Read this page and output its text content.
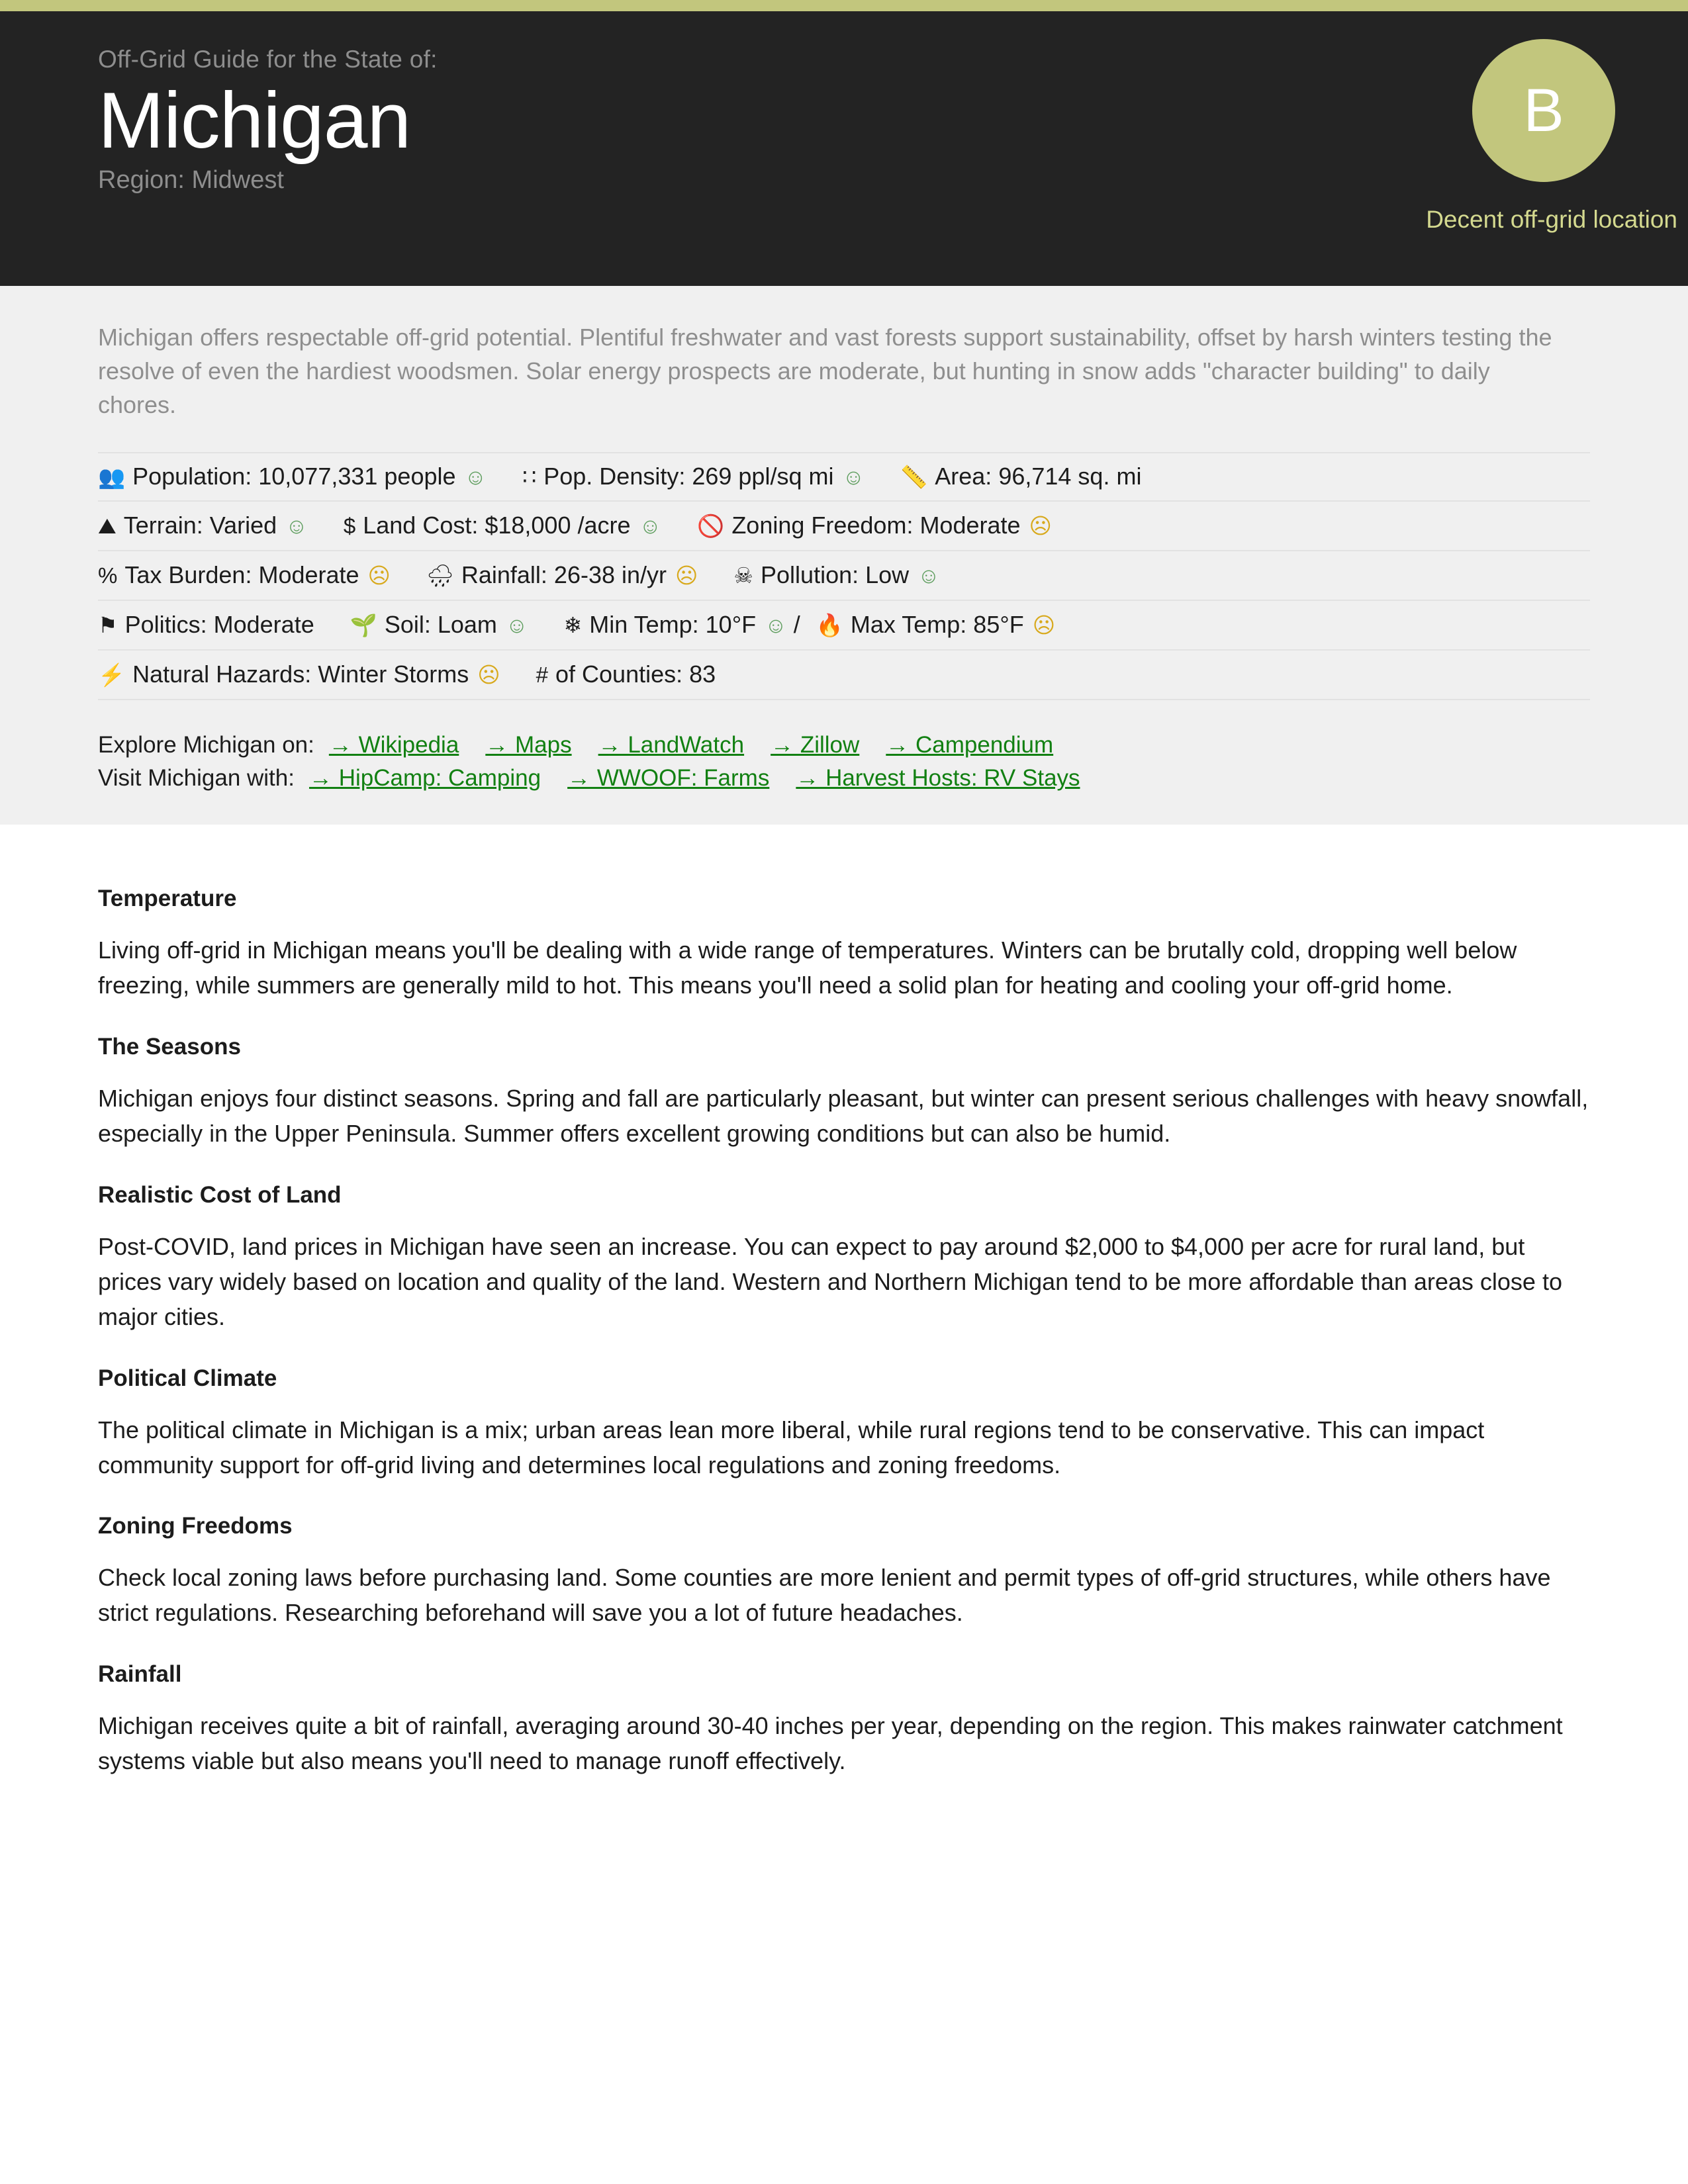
Off-Grid Guide for the State of:
Michigan
Region: Midwest
B
Decent off-grid location

Michigan offers respectable off-grid potential. Plentiful freshwater and vast forests support sustainability, offset by harsh winters testing the resolve of even the hardiest woodsmen. Solar energy prospects are moderate, but hunting in snow adds "character building" to daily chores.

👥 Population: 10,077,331 people ☺ ∷ Pop. Density: 269 ppl/sq mi ☺ 📏 Area: 96,714 sq. mi
⛰ Terrain: Varied ☺ $ Land Cost: $18,000 /acre ☺ 🚫 Zoning Freedom: Moderate ☹
% Tax Burden: Moderate ☹ 🌧 Rainfall: 26-38 in/yr ☹ ☠ Pollution: Low ☺
⚑ Politics: Moderate 🌱 Soil: Loam ☺ ❄ Min Temp: 10°F ☺ / 🔥 Max Temp: 85°F ☹
⚡ Natural Hazards: Winter Storms ☹ # of Counties: 83
Explore Michigan on: → Wikipedia → Maps → LandWatch → Zillow → Campendium
Visit Michigan with: → HipCamp: Camping → WWOOF: Farms → Harvest Hosts: RV Stays
Temperature

Living off-grid in Michigan means you'll be dealing with a wide range of temperatures. Winters can be brutally cold, dropping well below freezing, while summers are generally mild to hot. This means you'll need a solid plan for heating and cooling your off-grid home.

The Seasons

Michigan enjoys four distinct seasons. Spring and fall are particularly pleasant, but winter can present serious challenges with heavy snowfall, especially in the Upper Peninsula. Summer offers excellent growing conditions but can also be humid.

Realistic Cost of Land

Post-COVID, land prices in Michigan have seen an increase. You can expect to pay around $2,000 to $4,000 per acre for rural land, but prices vary widely based on location and quality of the land. Western and Northern Michigan tend to be more affordable than areas close to major cities.

Political Climate

The political climate in Michigan is a mix; urban areas lean more liberal, while rural regions tend to be conservative. This can impact community support for off-grid living and determines local regulations and zoning freedoms.

Zoning Freedoms

Check local zoning laws before purchasing land. Some counties are more lenient and permit types of off-grid structures, while others have strict regulations. Researching beforehand will save you a lot of future headaches.

Rainfall

Michigan receives quite a bit of rainfall, averaging around 30-40 inches per year, depending on the region. This makes rainwater catchment systems viable but also means you'll need to manage runoff effectively.
